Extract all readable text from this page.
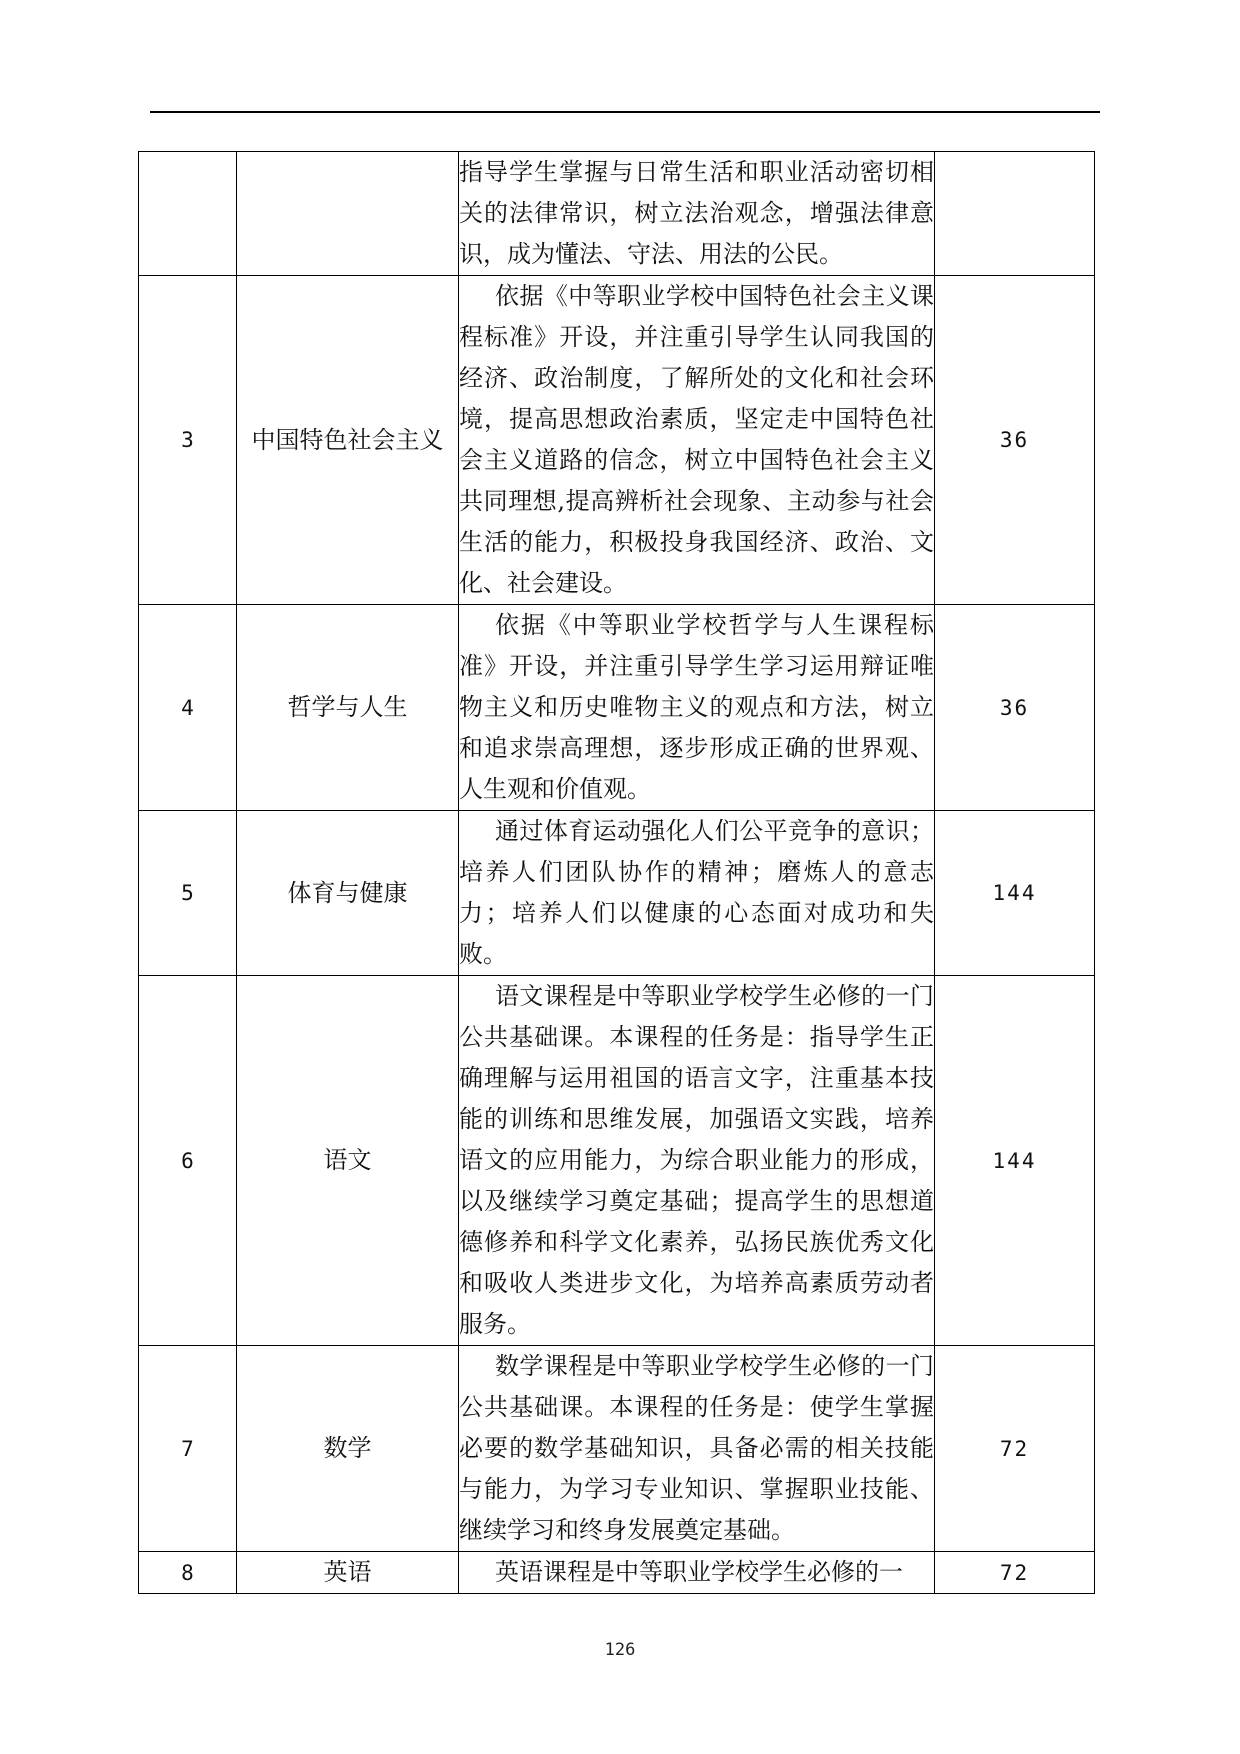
		指导学生掌握与日常生活和职业活动密切相关的法律常识，树立法治观念，增强法律意识，成为懂法、守法、用法的公民。	
3	中国特色社会主义	依据《中等职业学校中国特色社会主义课程标准》开设，并注重引导学生认同我国的经济、政治制度，了解所处的文化和社会环境，提高思想政治素质，坚定走中国特色社会主义道路的信念，树立中国特色社会主义共同理想,提高辨析社会现象、主动参与社会生活的能力，积极投身我国经济、政治、文化、社会建设。	36
4	哲学与人生	依据《中等职业学校哲学与人生课程标准》开设，并注重引导学生学习运用辩证唯物主义和历史唯物主义的观点和方法，树立和追求崇高理想，逐步形成正确的世界观、人生观和价值观。	36
5	体育与健康	通过体育运动强化人们公平竞争的意识；培养人们团队协作的精神；磨炼人的意志力；培养人们以健康的心态面对成功和失败。	144
6	语文	语文课程是中等职业学校学生必修的一门公共基础课。本课程的任务是：指导学生正确理解与运用祖国的语言文字，注重基本技能的训练和思维发展，加强语文实践，培养语文的应用能力，为综合职业能力的形成，以及继续学习奠定基础；提高学生的思想道德修养和科学文化素养，弘扬民族优秀文化和吸收人类进步文化，为培养高素质劳动者服务。	144
7	数学	数学课程是中等职业学校学生必修的一门公共基础课。本课程的任务是：使学生掌握必要的数学基础知识，具备必需的相关技能与能力，为学习专业知识、掌握职业技能、继续学习和终身发展奠定基础。	72
8	英语	英语课程是中等职业学校学生必修的一	72
126
